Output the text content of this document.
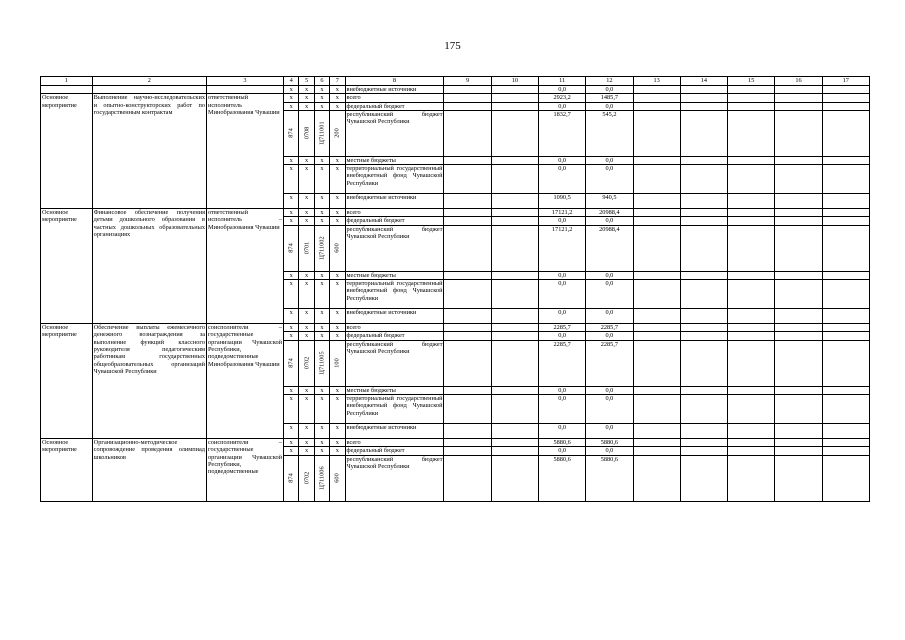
175
1	2	3	4	5	6	7	8	9	10	11	12	13	14	15	16	17
			x	x	x	x	внебюджетные источники			0,0	0,0					
Основное мероприятие	Выполнение научно-исследовательских и опытно-конструкторских работ по государственным контрактам	ответственный исполнитель Минобразования Чувашии	x	x	x	x	всего			2923,2	1485,7					
			x	x	x	x	федеральный бюджет			0,0	0,0					

			874	0708	Ц711001	200	республиканский бюджет Чувашской Республики			1832,7	545,2					
			x	x	x	x	местные бюджеты			0,0	0,0					
			x	x	x	x	территориальный государственный внебюджетный фонд Чувашской Республики			0,0	0,0					
			x	x	x	x	внебюджетные источники			1090,5	940,5					
Основное мероприятие	Финансовое обеспечение получения детьми дошкольного образования в частных дошкольных образовательных организациях	ответственный исполнитель – Минобразования Чувашии	x	x	x	x	всего			17121,2	20988,4					
			x	x	x	x	федеральный бюджет			0,0	0,0					

			874	0701	Ц711002	600	республиканский бюджет Чувашской Республики			17121,2	20988,4					
			x	x	x	x	местные бюджеты			0,0	0,0					
			x	x	x	x	территориальный государственный внебюджетный фонд Чувашской Республики			0,0	0,0					
			x	x	x	x	внебюджетные источники			0,0	0,0					
Основное мероприятие	Обеспечение выплаты ежемесячного денежного вознаграждения за выполнение функций классного руководителя педагогическим работникам государственных общеобразовательных организаций Чувашской Республики	соисполнители – государственные организации Чувашской Республики, подведомственные Минобразования Чувашии	x	x	x	x	всего			2285,7	2285,7					
			x	x	x	x	федеральный бюджет			0,0	0,0					

			874	0702	Ц711005	100	республиканский бюджет Чувашской Республики			2285,7	2285,7					
			x	x	x	x	местные бюджеты			0,0	0,0					
			x	x	x	x	территориальный государственный внебюджетный фонд Чувашской Республики			0,0	0,0					
			x	x	x	x	внебюджетные источники			0,0	0,0					
Основное мероприятие	Организационно-методическое сопровождение проведения олимпиад школьников	соисполнители – государственные организации Чувашской Республики, подведомственные	x	x	x	x	всего			5880,6	5880,6					
			x	x	x	x	федеральный бюджет			0,0	0,0					

			874	0702	Ц711006	600	республиканский бюджет Чувашской Республики			5880,6	5880,6					
